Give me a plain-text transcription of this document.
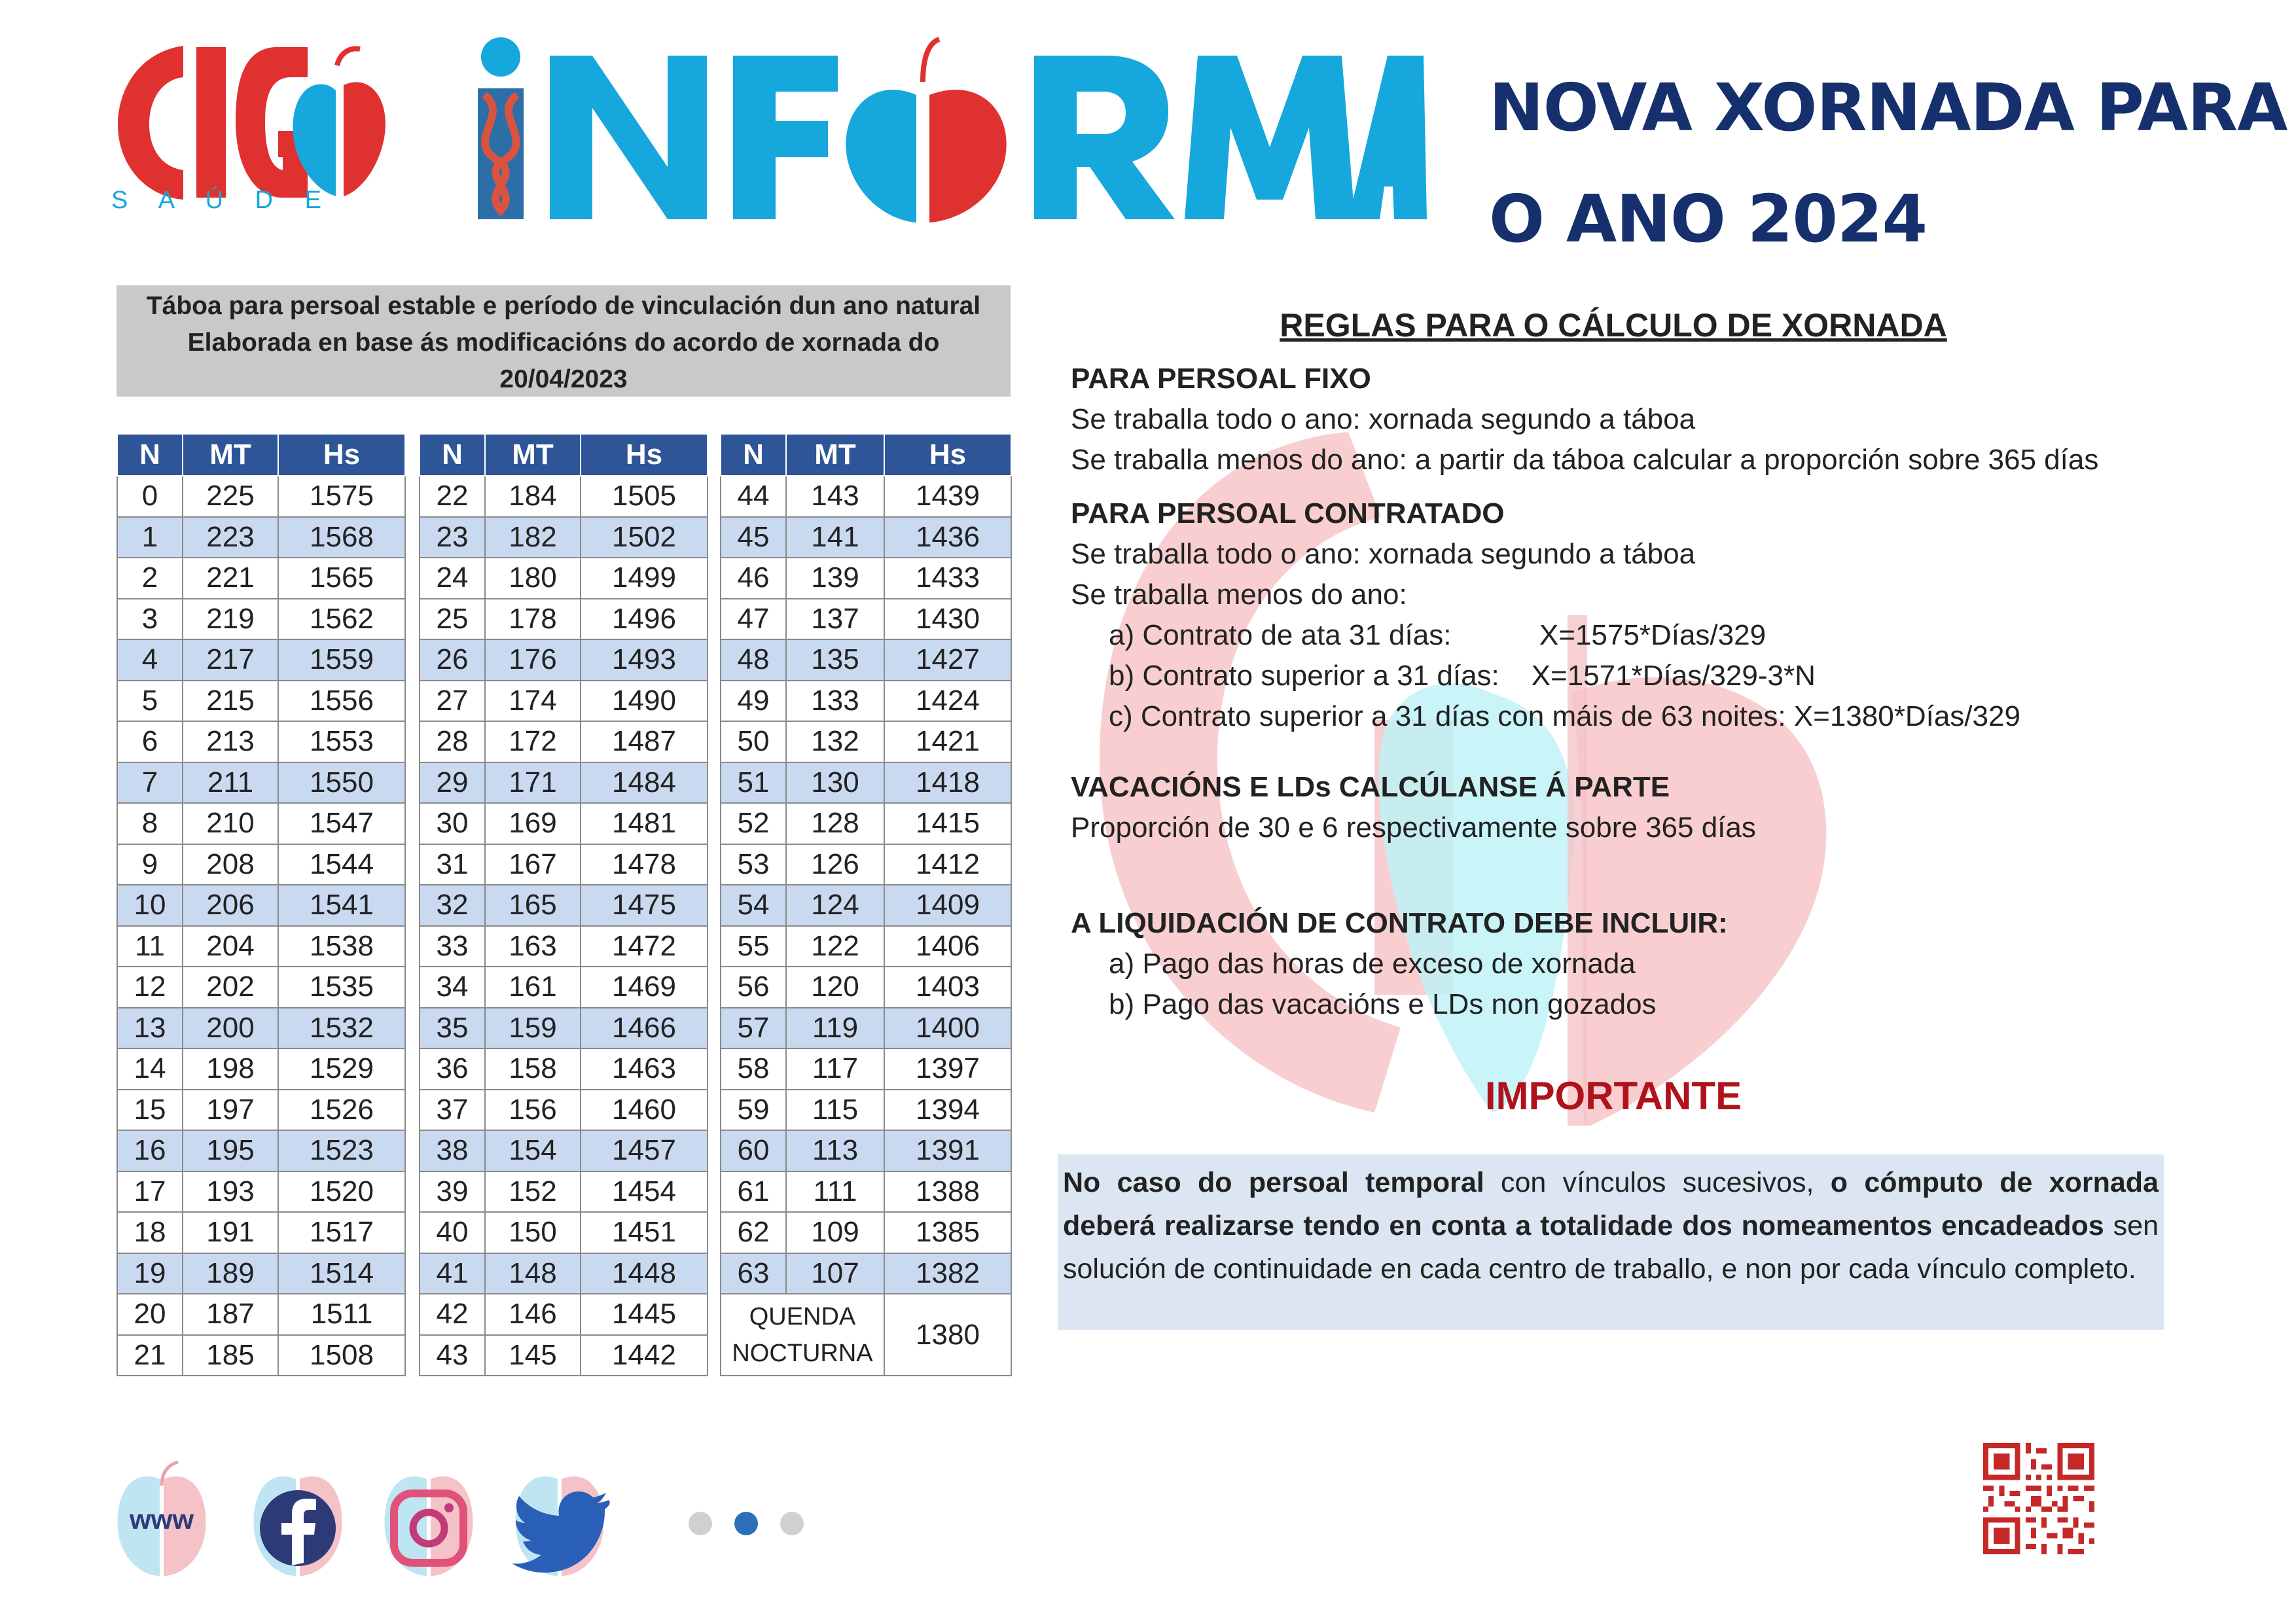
S A Ú D E
NOVA XORNADA PARA
O ANO 2024
Táboa para persoal estable e período de vinculación dun ano natural
Elaborada en base ás modificacións do acordo de xornada do
20/04/2023
N	MT	Hs
0	225	1575
1	223	1568
2	221	1565
3	219	1562
4	217	1559
5	215	1556
6	213	1553
7	211	1550
8	210	1547
9	208	1544
10	206	1541
11	204	1538
12	202	1535
13	200	1532
14	198	1529
15	197	1526
16	195	1523
17	193	1520
18	191	1517
19	189	1514
20	187	1511
21	185	1508
N	MT	Hs
22	184	1505
23	182	1502
24	180	1499
25	178	1496
26	176	1493
27	174	1490
28	172	1487
29	171	1484
30	169	1481
31	167	1478
32	165	1475
33	163	1472
34	161	1469
35	159	1466
36	158	1463
37	156	1460
38	154	1457
39	152	1454
40	150	1451
41	148	1448
42	146	1445
43	145	1442
N	MT	Hs
44	143	1439
45	141	1436
46	139	1433
47	137	1430
48	135	1427
49	133	1424
50	132	1421
51	130	1418
52	128	1415
53	126	1412
54	124	1409
55	122	1406
56	120	1403
57	119	1400
58	117	1397
59	115	1394
60	113	1391
61	111	1388
62	109	1385
63	107	1382

QUENDA
NOCTURNA		1380
REGLAS PARA O CÁLCULO DE XORNADA
PARA PERSOAL FIXO
Se traballa todo o ano: xornada segundo a táboa
Se traballa menos do ano: a partir da táboa calcular a proporción sobre 365 días
PARA PERSOAL CONTRATADO
Se traballa todo o ano: xornada segundo a táboa
Se traballa menos do ano:
a) Contrato de ata 31 días:           X=1575*Días/329
b) Contrato superior a 31 días:    X=1571*Días/329-3*N
c) Contrato superior a 31 días con máis de 63 noites: X=1380*Días/329
VACACIÓNS E LDs CALCÚLANSE Á PARTE
Proporción de 30 e 6 respectivamente sobre 365 días
A LIQUIDACIÓN DE CONTRATO DEBE INCLUIR:
a) Pago das horas de exceso de xornada
b) Pago das vacacións e LDs non gozados
IMPORTANTE
No caso do persoal temporal con vínculos sucesivos, o cómputo de xornada deberá realizarse tendo en conta a totalidade dos nomeamentos encadeados sen solución de continuidade en cada centro de traballo, e non por cada vínculo completo.
www
